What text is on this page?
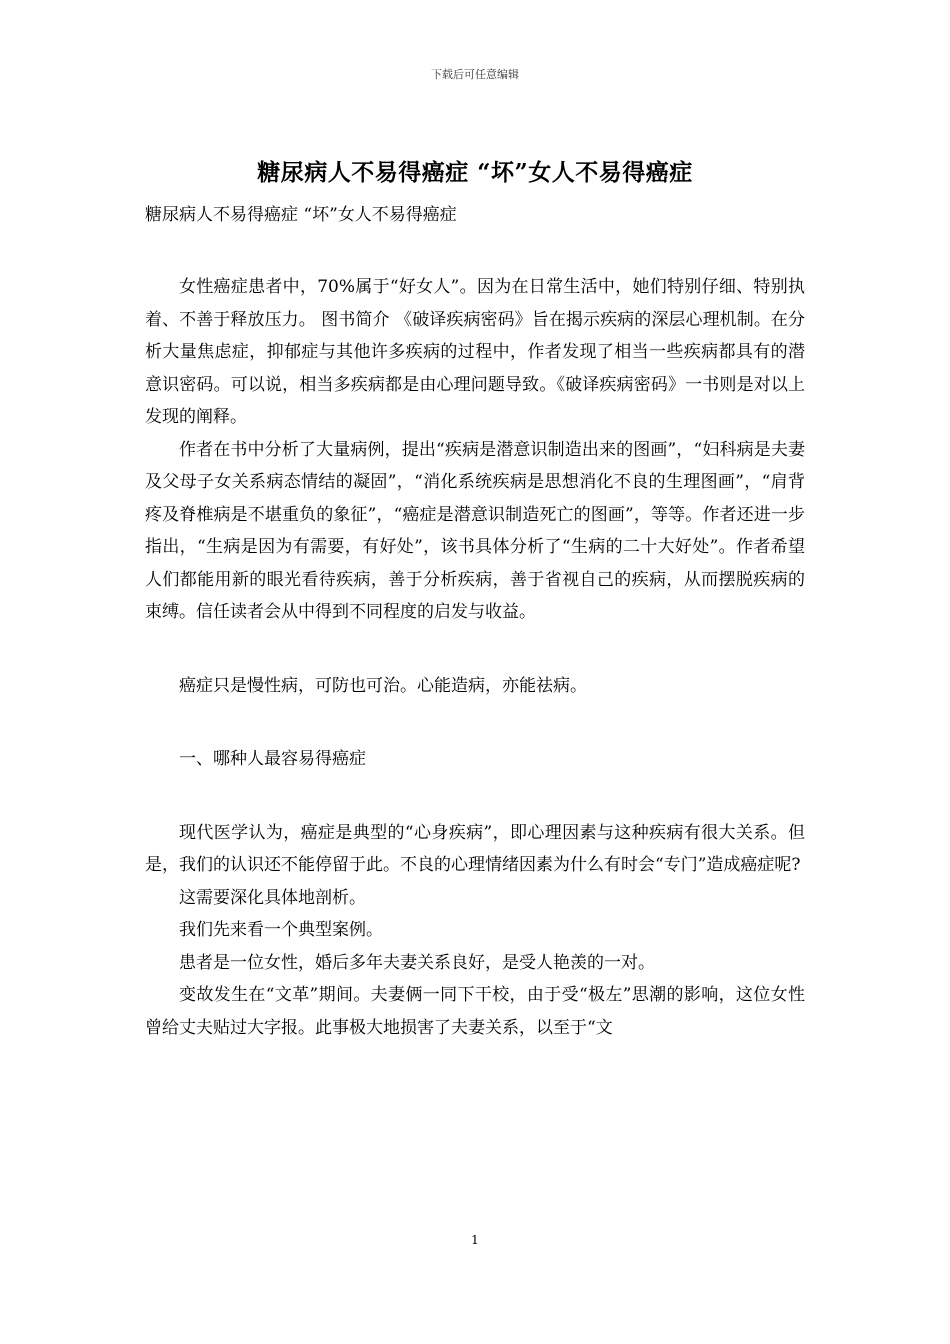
下载后可任意编辑
糖尿病人不易得癌症 “坏”女人不易得癌症
糖尿病人不易得癌症 “坏”女人不易得癌症

女性癌症患者中，70%属于“好女人”。因为在日常生活中，她们特别仔细、特别执着、不善于释放压力。 图书简介 《破译疾病密码》旨在揭示疾病的深层心理机制。在分析大量焦虑症，抑郁症与其他许多疾病的过程中，作者发现了相当一些疾病都具有的潜意识密码。可以说，相当多疾病都是由心理问题导致。《破译疾病密码》一书则是对以上发现的阐释。

作者在书中分析了大量病例，提出“疾病是潜意识制造出来的图画”，“妇科病是夫妻及父母子女关系病态情结的凝固”，“消化系统疾病是思想消化不良的生理图画”，“肩背疼及脊椎病是不堪重负的象征”，“癌症是潜意识制造死亡的图画”，等等。作者还进一步指出，“生病是因为有需要，有好处”，该书具体分析了“生病的二十大好处”。作者希望人们都能用新的眼光看待疾病，善于分析疾病，善于省视自己的疾病，从而摆脱疾病的束缚。信任读者会从中得到不同程度的启发与收益。

癌症只是慢性病，可防也可治。心能造病，亦能祛病。

一、哪种人最容易得癌症

现代医学认为，癌症是典型的“心身疾病”，即心理因素与这种疾病有很大关系。但是，我们的认识还不能停留于此。不良的心理情绪因素为什么有时会“专门”造成癌症呢?

这需要深化具体地剖析。

我们先来看一个典型案例。

患者是一位女性，婚后多年夫妻关系良好，是受人艳羡的一对。

变故发生在“文革”期间。夫妻俩一同下干校，由于受“极左”思潮的影响，这位女性曾给丈夫贴过大字报。此事极大地损害了夫妻关系，以至于“文

1
